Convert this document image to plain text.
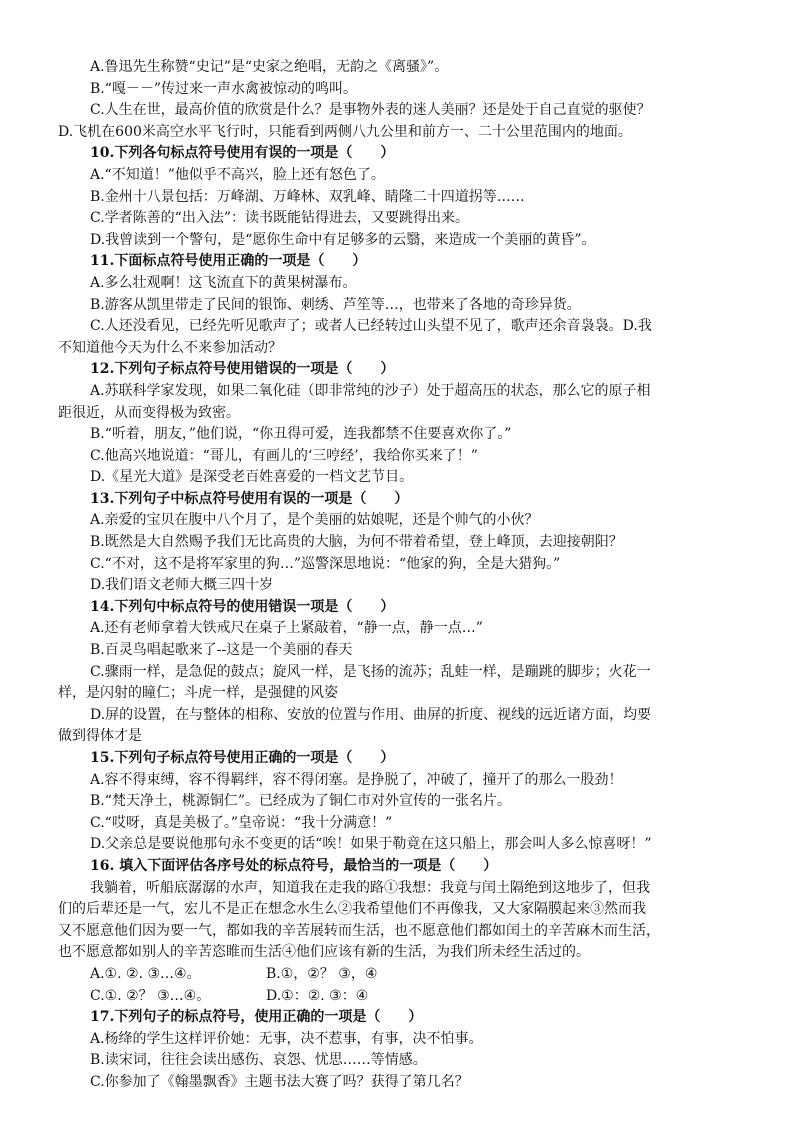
A.鲁迅先生称赞“史记”是“史家之绝唱，无韵之《离骚》”。
B.“嘎－－”传过来一声水禽被惊动的鸣叫。
C.人生在世，最高价值的欣赏是什么？是事物外表的迷人美丽？还是处于自己直觉的驱使？
D.飞机在600米高空水平飞行时，只能看到两侧八九公里和前方一、二十公里范围内的地面。
10.下列各句标点符号使用有误的一项是（　　）
A.“不知道！”他似乎不高兴，脸上还有怒色了。
B.金州十八景包括：万峰湖、万峰林、双乳峰、睛隆二十四道拐等……
C.学者陈善的“出入法”：读书既能钻得进去，又要跳得出来。
D.我曾读到一个警句，是“愿你生命中有足够多的云翳，来造成一个美丽的黄昏”。
11.下面标点符号使用正确的一项是（　　）
A.多么壮观啊！这飞流直下的黄果树瀑布。
B.游客从凯里带走了民间的银饰、刺绣、芦笙等…，也带来了各地的奇珍异货。
C.人还没看见，已经先听见歌声了；或者人已经转过山头望不见了，歌声还余音袅袅。D.我
不知道他今天为什么不来参加活动？
12.下列句子标点符号使用错误的一项是（　　）
A.苏联科学家发现，如果二氧化硅（即非常纯的沙子）处于超高压的状态，那么它的原子相
距很近，从而变得极为致密。
B.“听着，朋友，”他们说，“你丑得可爱，连我都禁不住要喜欢你了。”
C.他高兴地说道：“哥儿，有画儿的‘三哼经’，我给你买来了！”
D.《星光大道》是深受老百姓喜爱的一档文艺节目。
13.下列句子中标点符号使用有误的一项是（　　）
A.亲爱的宝贝在腹中八个月了，是个美丽的姑娘呢，还是个帅气的小伙？
B.既然是大自然赐予我们无比高贵的大脑，为何不带着希望，登上峰顶，去迎接朝阳？
C.“不对，这不是将军家里的狗…”巡警深思地说：“他家的狗，全是大猎狗。”
D.我们语文老师大概三四十岁
14.下列句中标点符号的使用错误一项是（　　）
A.还有老师拿着大铁戒尺在桌子上紧敲着，“静一点，静一点…”
B.百灵鸟唱起歌来了--这是一个美丽的春天
C.骤雨一样，是急促的鼓点；旋风一样，是飞扬的流苏；乱蛙一样，是蹦跳的脚步；火花一
样，是闪射的瞳仁；斗虎一样，是强健的风姿
D.屏的设置，在与整体的相称、安放的位置与作用、曲屏的折度、视线的远近诸方面，均要
做到得体才是
15.下列句子标点符号使用正确的一项是（　　）
A.容不得束缚，容不得羁绊，容不得闭塞。是挣脱了，冲破了，撞开了的那么一股劲！
B.“梵天净土，桃源铜仁”。已经成为了铜仁市对外宣传的一张名片。
C.“哎呀，真是美极了。”皇帝说：“我十分满意！”
D.父亲总是要说他那句永不变更的话“唉！如果于勒竟在这只船上，那会叫人多么惊喜呀！”
16. 填入下面评估各序号处的标点符号，最恰当的一项是（　　）
我躺着，听船底潺潺的水声，知道我在走我的路①我想：我竟与闰土隔绝到这地步了，但我
们的后辈还是一气，宏儿不是正在想念水生么②我希望他们不再像我，又大家隔膜起来③然而我
又不愿意他们因为要一气，都如我的辛苦展转而生活，也不愿意他们都如闰土的辛苦麻木而生活，
也不愿意都如别人的辛苦恣睢而生活④他们应该有新的生活，为我们所未经生活过的。
A.①. ②. ③…④。	B.①，②？ ③，④
C.①. ②？ ③…④。	D.①：②. ③：④
17.下列句子的标点符号，使用正确的一项是（　　）
A.杨绛的学生这样评价她：无事，决不惹事，有事，决不怕事。
B.读宋词，往往会读出感伤、哀怨、忧思……等情感。
C.你参加了《翰墨飘香》主题书法大赛了吗？获得了第几名？
